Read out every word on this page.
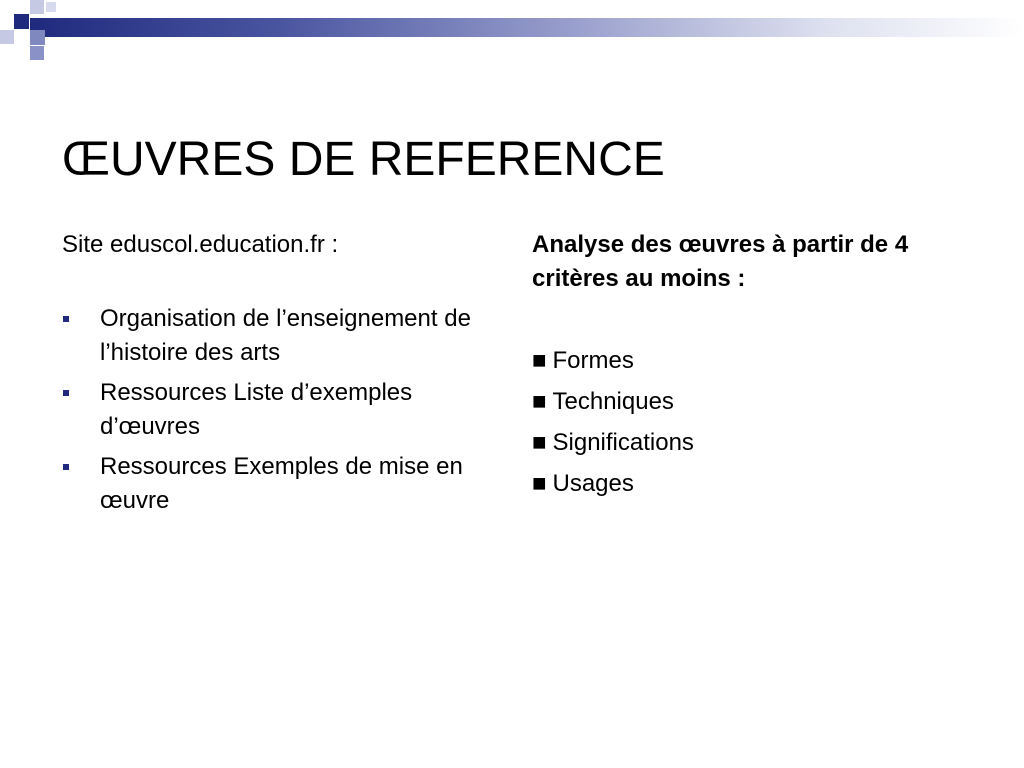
ŒUVRES DE REFERENCE

Site eduscol.education.fr :

Organisation de l’enseignement de l’histoire des arts
Ressources Liste d’exemples d’œuvres
Ressources Exemples de mise en œuvre

Analyse des œuvres à partir de 4 critères au moins :

■ Formes
■ Techniques
■ Significations
■ Usages
